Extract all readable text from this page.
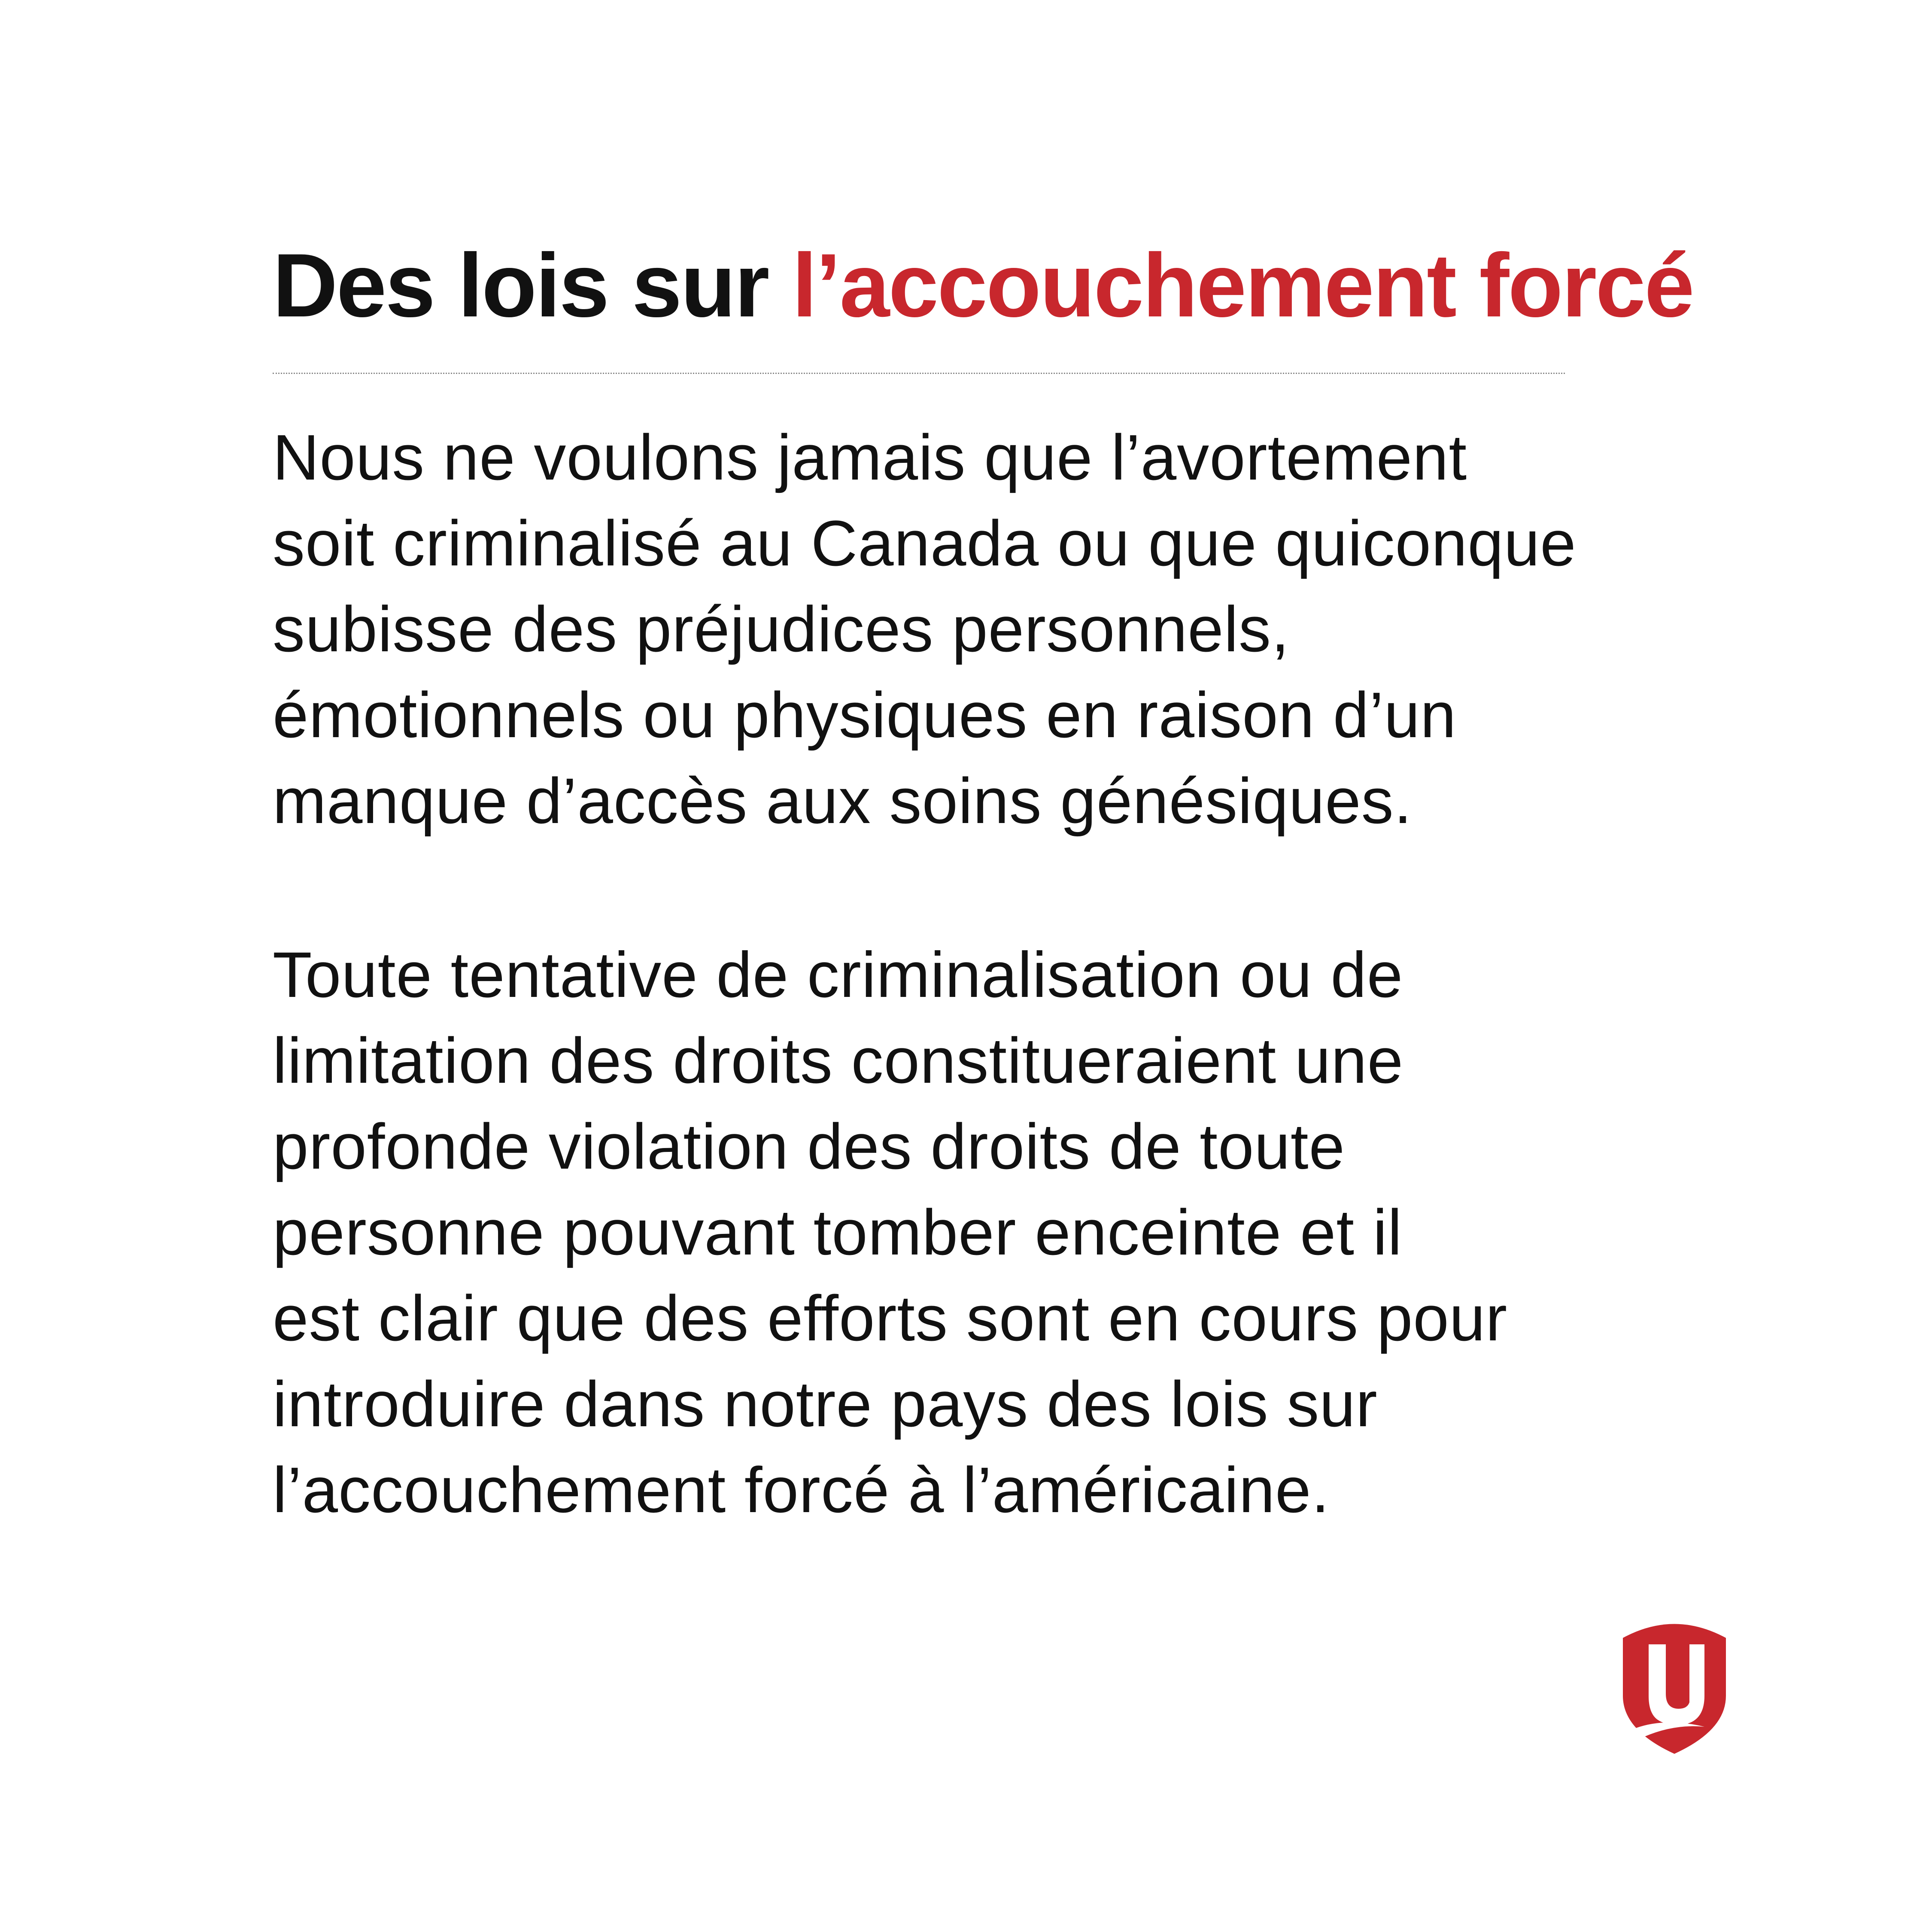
Des lois sur l’accouchement forcé

Nous ne voulons jamais que l’avortement
soit criminalisé au Canada ou que quiconque
subisse des préjudices personnels,
émotionnels ou physiques en raison d’un
manque d’accès aux soins génésiques.

Toute tentative de criminalisation ou de
limitation des droits constitueraient une
profonde violation des droits de toute
personne pouvant tomber enceinte et il
est clair que des efforts sont en cours pour
introduire dans notre pays des lois sur
l’accouchement forcé à l’américaine.
